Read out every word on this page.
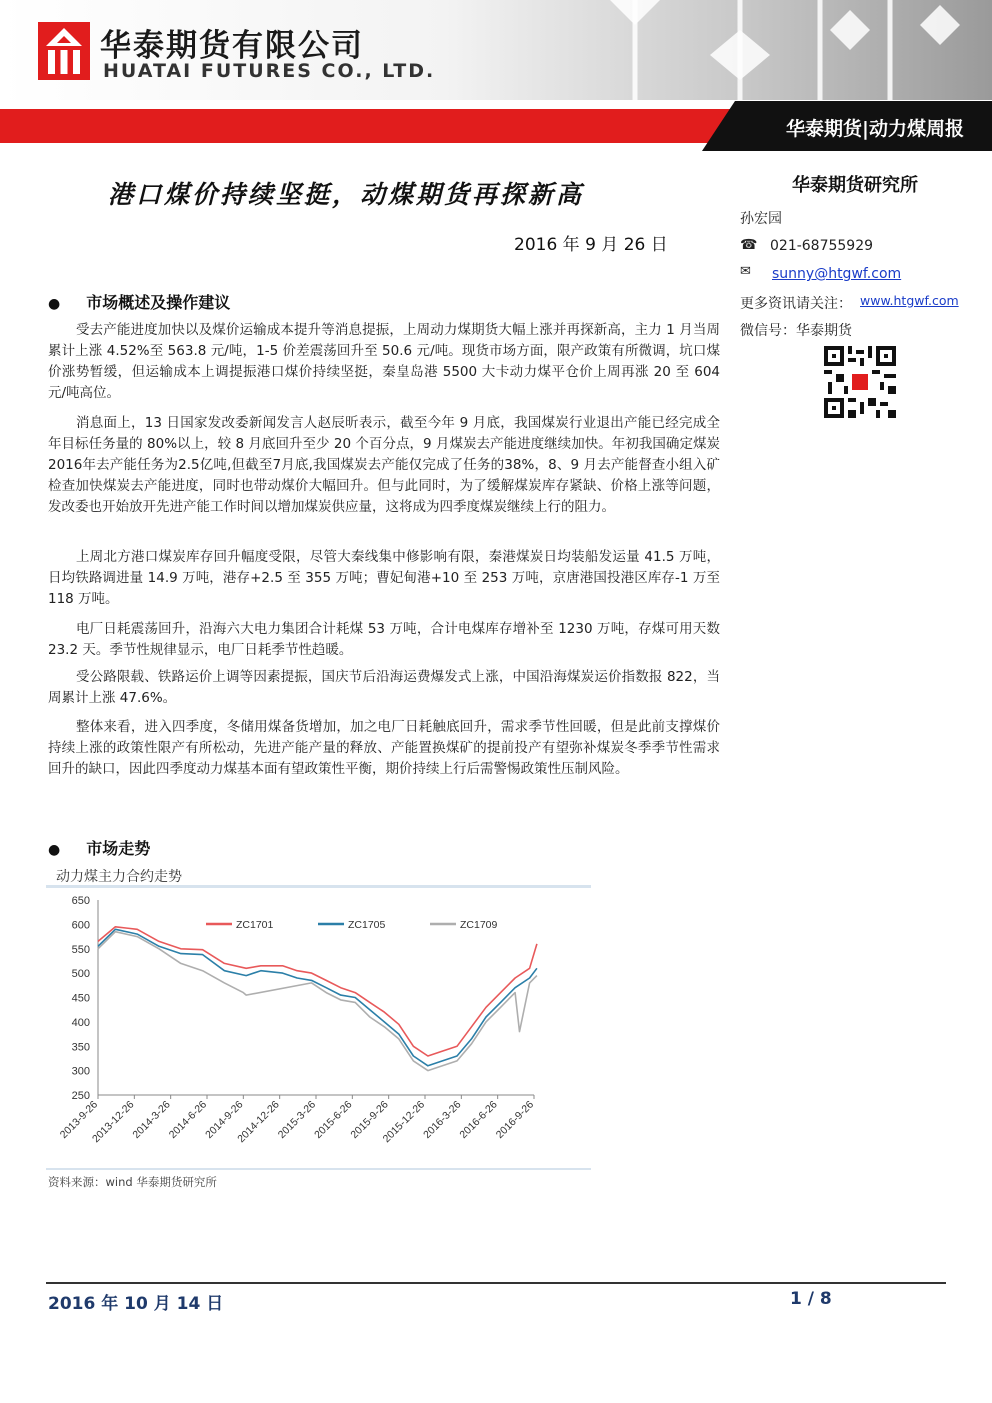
华泰期货有限公司
HUATAI FUTURES CO., LTD.
华泰期货|动力煤周报
港口煤价持续坚挺，动煤期货再探新高
2016 年 9 月 26 日
华泰期货研究所
孙宏园
☎ 021-68755929
✉ sunny@htgwf.com
更多资讯请关注： www.htgwf.com
微信号：华泰期货
● 市场概述及操作建议
受去产能进度加快以及煤价运输成本提升等消息提振，上周动力煤期货大幅上涨并再探新高，主力 1 月当周累计上涨 4.52%至 563.8 元/吨，1-5 价差震荡回升至 50.6 元/吨。现货市场方面，限产政策有所微调，坑口煤价涨势暂缓，但运输成本上调提振港口煤价持续坚挺，秦皇岛港 5500 大卡动力煤平仓价上周再涨 20 至 604 元/吨高位。
消息面上，13 日国家发改委新闻发言人赵辰昕表示，截至今年 9 月底，我国煤炭行业退出产能已经完成全年目标任务量的 80%以上，较 8 月底回升至少 20 个百分点，9 月煤炭去产能进度继续加快。年初我国确定煤炭2016年去产能任务为2.5亿吨,但截至7月底,我国煤炭去产能仅完成了任务的38%，8、9 月去产能督查小组入矿检查加快煤炭去产能进度，同时也带动煤价大幅回升。但与此同时，为了缓解煤炭库存紧缺、价格上涨等问题，发改委也开始放开先进产能工作时间以增加煤炭供应量，这将成为四季度煤炭继续上行的阻力。
上周北方港口煤炭库存回升幅度受限，尽管大秦线集中修影响有限，秦港煤炭日均装船发运量 41.5 万吨，日均铁路调进量 14.9 万吨，港存+2.5 至 355 万吨；曹妃甸港+10 至 253 万吨，京唐港国投港区库存-1 万至 118 万吨。
电厂日耗震荡回升，沿海六大电力集团合计耗煤 53 万吨，合计电煤库存增补至 1230 万吨，存煤可用天数 23.2 天。季节性规律显示，电厂日耗季节性趋暖。
受公路限载、铁路运价上调等因素提振，国庆节后沿海运费爆发式上涨，中国沿海煤炭运价指数报 822，当周累计上涨 47.6%。
整体来看，进入四季度，冬储用煤备货增加，加之电厂日耗触底回升，需求季节性回暖，但是此前支撑煤价持续上涨的政策性限产有所松动，先进产能产量的释放、产能置换煤矿的提前投产有望弥补煤炭冬季季节性需求回升的缺口，因此四季度动力煤基本面有望政策性平衡，期价持续上行后需警惕政策性压制风险。
● 市场走势
动力煤主力合约走势
650
600
550
500
450
400
350
300
250
2013-9-26
2013-12-26
2014-3-26
2014-6-26
2014-9-26
2014-12-26
2015-3-26
2015-6-26
2015-9-26
2015-12-26
2016-3-26
2016-6-26
2016-9-26
ZC1701	ZC1705	ZC1709
资料来源：wind 华泰期货研究所
2016 年 10 月 14 日	1 / 8
